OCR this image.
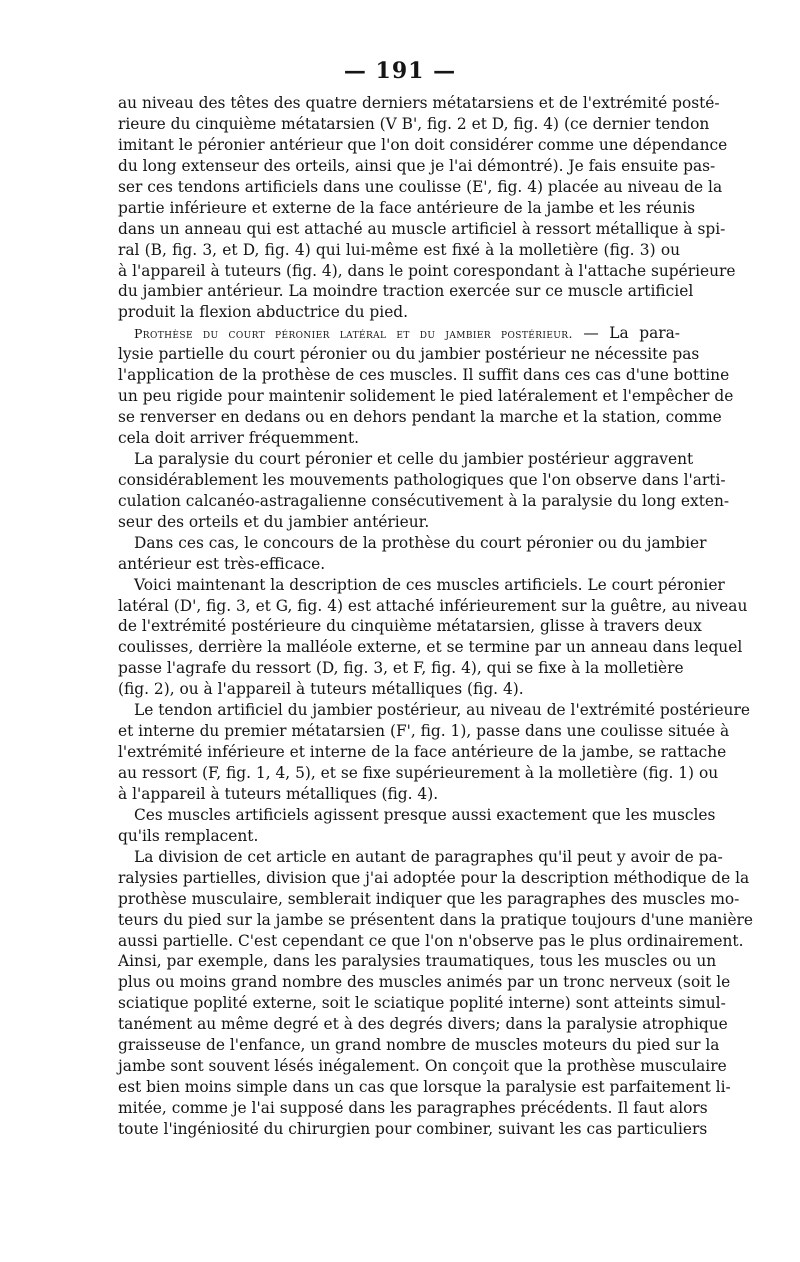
— 191 —
au niveau des têtes des quatre derniers métatarsiens et de l'extrémité posté-
rieure du cinquième métatarsien (V B', fig. 2 et D, fig. 4) (ce dernier tendon
imitant le péronier antérieur que l'on doit considérer comme une dépendance
du long extenseur des orteils, ainsi que je l'ai démontré). Je fais ensuite pas-
ser ces tendons artificiels dans une coulisse (E', fig. 4) placée au niveau de la
partie inférieure et externe de la face antérieure de la jambe et les réunis
dans un anneau qui est attaché au muscle artificiel à ressort métallique à spi-
ral (B, fig. 3, et D, fig. 4) qui lui-même est fixé à la molletière (fig. 3) ou
à l'appareil à tuteurs (fig. 4), dans le point corespondant à l'attache supérieure
du jambier antérieur. La moindre traction exercée sur ce muscle artificiel
produit la flexion abductrice du pied.
Prothèse du court péronier latéral et du jambier postérieur. — La para-
lysie partielle du court péronier ou du jambier postérieur ne nécessite pas
l'application de la prothèse de ces muscles. Il suffit dans ces cas d'une bottine
un peu rigide pour maintenir solidement le pied latéralement et l'empêcher de
se renverser en dedans ou en dehors pendant la marche et la station, comme
cela doit arriver fréquemment.
La paralysie du court péronier et celle du jambier postérieur aggravent
considérablement les mouvements pathologiques que l'on observe dans l'arti-
culation calcanéo-astragalienne consécutivement à la paralysie du long exten-
seur des orteils et du jambier antérieur.
Dans ces cas, le concours de la prothèse du court péronier ou du jambier
antérieur est très-efficace.
Voici maintenant la description de ces muscles artificiels. Le court péronier
latéral (D', fig. 3, et G, fig. 4) est attaché inférieurement sur la guêtre, au niveau
de l'extrémité postérieure du cinquième métatarsien, glisse à travers deux
coulisses, derrière la malléole externe, et se termine par un anneau dans lequel
passe l'agrafe du ressort (D, fig. 3, et F, fig. 4), qui se fixe à la molletière
(fig. 2), ou à l'appareil à tuteurs métalliques (fig. 4).
Le tendon artificiel du jambier postérieur, au niveau de l'extrémité postérieure
et interne du premier métatarsien (F', fig. 1), passe dans une coulisse située à
l'extrémité inférieure et interne de la face antérieure de la jambe, se rattache
au ressort (F, fig. 1, 4, 5), et se fixe supérieurement à la molletière (fig. 1) ou
à l'appareil à tuteurs métalliques (fig. 4).
Ces muscles artificiels agissent presque aussi exactement que les muscles
qu'ils remplacent.
La division de cet article en autant de paragraphes qu'il peut y avoir de pa-
ralysies partielles, division que j'ai adoptée pour la description méthodique de la
prothèse musculaire, semblerait indiquer que les paragraphes des muscles mo-
teurs du pied sur la jambe se présentent dans la pratique toujours d'une manière
aussi partielle. C'est cependant ce que l'on n'observe pas le plus ordinairement.
Ainsi, par exemple, dans les paralysies traumatiques, tous les muscles ou un
plus ou moins grand nombre des muscles animés par un tronc nerveux (soit le
sciatique poplité externe, soit le sciatique poplité interne) sont atteints simul-
tanément au même degré et à des degrés divers; dans la paralysie atrophique
graisseuse de l'enfance, un grand nombre de muscles moteurs du pied sur la
jambe sont souvent lésés inégalement. On conçoit que la prothèse musculaire
est bien moins simple dans un cas que lorsque la paralysie est parfaitement li-
mitée, comme je l'ai supposé dans les paragraphes précédents. Il faut alors
toute l'ingéniosité du chirurgien pour combiner, suivant les cas particuliers
